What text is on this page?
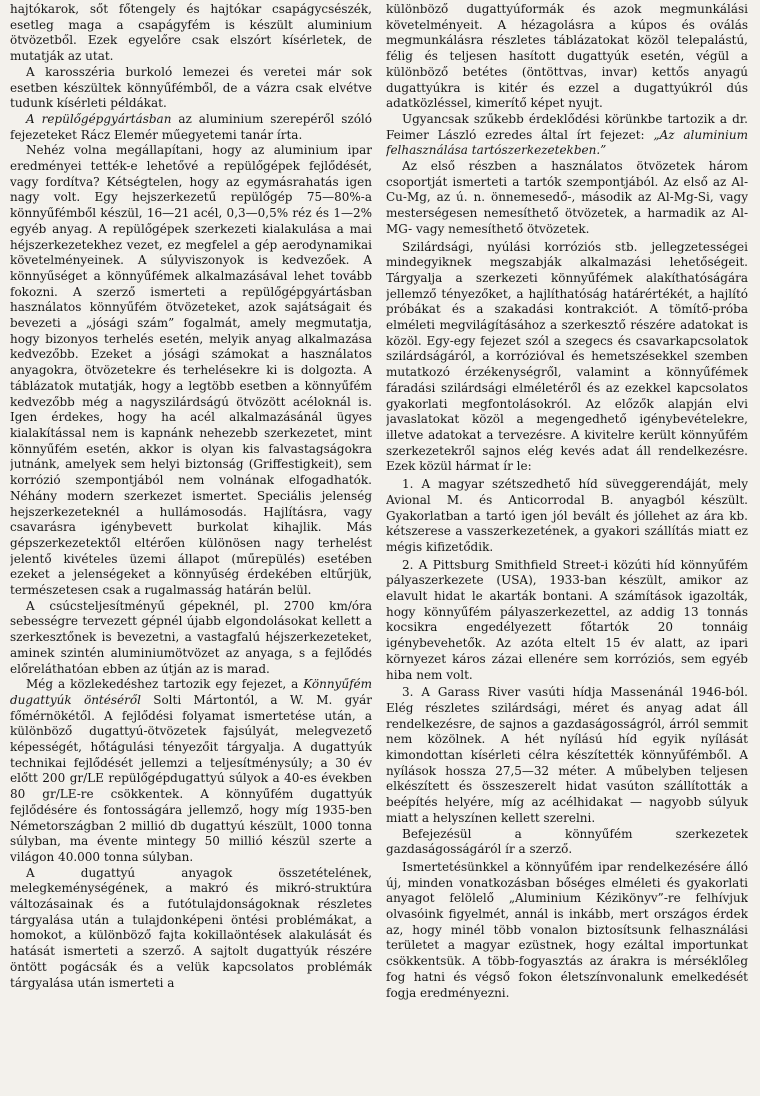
hajtókarok, sőt főtengely és hajtókar csapágycsészék, esetleg maga a csapágyfém is készült aluminium ötvözetből. Ezek egyelőre csak elszórt kísérletek, de mutatják az utat.

A karosszéria burkoló lemezei és veretei már sok esetben készültek könnyűfémből, de a vázra csak elvétve tudunk kísérleti példákat.

A repülőgépgyártásban az aluminium szerepéről szóló fejezeteket Rácz Elemér műegyetemi tanár írta.

Nehéz volna megállapítani, hogy az aluminium ipar eredményei tették-e lehetővé a repülőgépek fejlődését, vagy fordítva? Kétségtelen, hogy az egymásrahatás igen nagy volt. Egy hejszerkezetű repülőgép 75—80%-a könnyűfémből készül, 16—21 acél, 0,3—0,5% réz és 1—2% egyéb anyag. A repülőgépek szerkezeti kialakulása a mai héjszerkezetekhez vezet, ez megfelel a gép aerodynamikai követelményeinek. A súlyviszonyok is kedvezőek. A könnyűséget a könnyűfémek alkalmazásával lehet tovább fokozni. A szerző ismerteti a repülőgépgyártásban használatos könnyűfém ötvözeteket, azok sajátságait és bevezeti a „jósági szám” fogalmát, amely megmutatja, hogy bizonyos terhelés esetén, melyik anyag alkalmazása kedvezőbb. Ezeket a jósági számokat a használatos anyagokra, ötvözetekre és terhelésekre ki is dolgozta. A táblázatok mutatják, hogy a legtöbb esetben a könnyűfém kedvezőbb még a nagyszilárdságú ötvözött acéloknál is. Igen érdekes, hogy ha acél alkalmazásánál ügyes kialakítással nem is kapnánk nehezebb szerkezetet, mint könnyűfém esetén, akkor is olyan kis falvastagságokra jutnánk, amelyek sem helyi biztonság (Griffestigkeit), sem korrózió szempontjából nem volnának elfogadhatók. Néhány modern szerkezet ismertet. Speciális jelenség hejszerkezeteknél a hullámosodás. Hajlításra, vagy csavarásra igénybevett burkolat kihajlik. Más gépszerkezetektől eltérően különösen nagy terhelést jelentő kivételes üzemi állapot (műrepülés) esetében ezeket a jelenségeket a könnyűség érdekében eltűrjük, természetesen csak a rugalmasság határán belül.

A csúcsteljesítményű gépeknél, pl. 2700 km/óra sebességre tervezett gépnél újabb elgondolásokat kellett a szerkesztőnek is bevezetni, a vastagfalú héjszerkezeteket, aminek szintén aluminiumötvözet az anyaga, s a fejlődés előreláthatóan ebben az útján az is marad.

Még a közlekedéshez tartozik egy fejezet, a Könnyűfém dugattyúk öntéséről Solti Mártontól, a W. M. gyár főmérnökétől. A fejlődési folyamat ismertetése után, a különböző dugattyú-ötvözetek fajsúlyát, melegvezető képességét, hőtágulási tényezőit tárgyalja. A dugattyúk technikai fejlődését jellemzi a teljesítménysúly; a 30 év előtt 200 gr/LE repülőgépdugattyú súlyok a 40-es években 80 gr/LE-re csökkentek. A könnyűfém dugattyúk fejlődésére és fontosságára jellemző, hogy míg 1935-ben Németországban 2 millió db dugattyú készült, 1000 tonna súlyban, ma évente mintegy 50 millió készül szerte a világon 40.000 tonna súlyban.

A dugattyú anyagok összetételének, melegkeménységének, a makró és mikró-struktúra változásainak és a futótulajdonságoknak részletes tárgyalása után a tulajdonképeni öntési problémákat, a homokot, a különböző fajta kokillaöntések alakulását és hatását ismerteti a szerző. A sajtolt dugattyúk részére öntött pogácsák és a velük kapcsolatos problémák tárgyalása után ismerteti a

különböző dugattyúformák és azok megmunkálási követelményeit. A hézagolásra a kúpos és oválás megmunkálásra részletes táblázatokat közöl telepalástú, félig és teljesen hasított dugattyúk esetén, végül a különböző betétes (öntöttvas, invar) kettős anyagú dugattyúkra is kitér és ezzel a dugattyúkról dús adatközléssel, kimerítő képet nyujt.

Ugyancsak szűkebb érdeklődési körünkbe tartozik a dr. Feimer László ezredes által írt fejezet: „Az aluminium felhasználása tartószerkezetekben.”

Az első részben a használatos ötvözetek három csoportját ismerteti a tartók szempontjából. Az első az Al-Cu-Mg, az ú. n. önnemesedő-, második az Al-Mg-Si, vagy mesterségesen nemesíthető ötvözetek, a harmadik az Al-MG- vagy nemesíthető ötvözetek.

Szilárdsági, nyúlási korróziós stb. jellegzetességei mindegyiknek megszabják alkalmazási lehetőségeit. Tárgyalja a szerkezeti könnyűfémek alakíthatóságára jellemző tényezőket, a hajlíthatóság határértékét, a hajlító próbákat és a szakadási kontrakciót. A tömítő-próba elméleti megvilágításához a szerkesztő részére adatokat is közöl. Egy-egy fejezet szól a szegecs és csavarkapcsolatok szilárdságáról, a korrózióval és hemetszésekkel szemben mutatkozó érzékenységről, valamint a könnyűfémek fáradási szilárdsági elméletéről és az ezekkel kapcsolatos gyakorlati megfontolásokról. Az előzők alapján elvi javaslatokat közöl a megengedhető igénybevételekre, illetve adatokat a tervezésre. A kivitelre került könnyűfém szerkezetekről sajnos elég kevés adat áll rendelkezésre. Ezek közül hármat ír le:

1. A magyar szétszedhető híd süveggerendáját, mely Avional M. és Anticorrodal B. anyagból készült. Gyakorlatban a tartó igen jól bevált és jóllehet az ára kb. kétszerese a vasszerkezetének, a gyakori szállítás miatt ez mégis kifizetődik.

2. A Pittsburg Smithfield Street-i közúti híd könnyűfém pályaszerkezete (USA), 1933-ban készült, amikor az elavult hidat le akarták bontani. A számítások igazolták, hogy könnyűfém pályaszerkezettel, az addig 13 tonnás kocsikra engedélyezett főtartók 20 tonnáig igénybevehetők. Az azóta eltelt 15 év alatt, az ipari környezet káros zázai ellenére sem korróziós, sem egyéb hiba nem volt.

3. A Garass River vasúti hídja Massenánál 1946-ból. Elég részletes szilárdsági, méret és anyag adat áll rendelkezésre, de sajnos a gazdaságosságról, árról semmit nem közölnek. A hét nyílású híd egyik nyílását kimondottan kísérleti célra készítették könnyűfémből. A nyílások hossza 27,5—32 méter. A műbelyben teljesen elkészített és összeszerelt hidat vasúton szállították a beépítés helyére, míg az acélhidakat — nagyobb súlyuk miatt a helyszínen kellett szerelni.

Befejezésül a könnyűfém szerkezetek gazdaságosságáról ír a szerző.

Ismertetésünkkel a könnyűfém ipar rendelkezésére álló új, minden vonatkozásban bőséges elméleti és gyakorlati anyagot felölelő „Aluminium Kézikönyv”-re felhívjuk olvasóink figyelmét, annál is inkább, mert országos érdek az, hogy minél több vonalon biztosítsunk felhasználási területet a magyar ezüstnek, hogy ezáltal importunkat csökkentsük. A több-fogyasztás az árakra is mérséklőleg fog hatni és végső fokon életszínvonalunk emelkedését fogja eredményezni.
